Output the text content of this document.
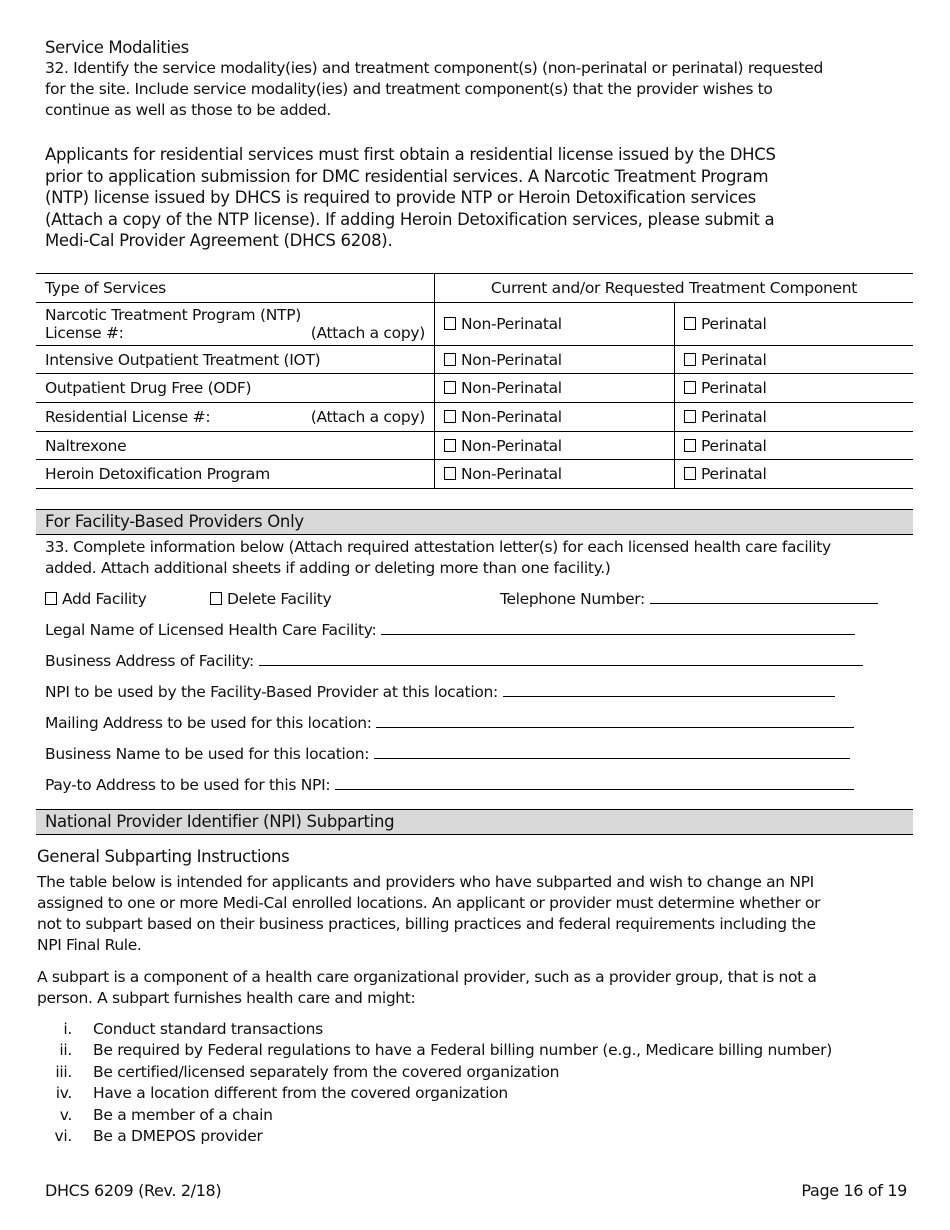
Service Modalities
32. Identify the service modality(ies) and treatment component(s) (non-perinatal or perinatal) requested
for the site. Include service modality(ies) and treatment component(s) that the provider wishes to
continue as well as those to be added.
Applicants for residential services must first obtain a residential license issued by the DHCS
prior to application submission for DMC residential services. A Narcotic Treatment Program
(NTP) license issued by DHCS is required to provide NTP or Heroin Detoxification services
(Attach a copy of the NTP license). If adding Heroin Detoxification services, please submit a
Medi-Cal Provider Agreement (DHCS 6208).
Type of Services	Current and/or Requested Treatment Component	

Narcotic Treatment Program (NTP)
License #: (Attach a copy)	Non-Perinatal	Perinatal
Intensive Outpatient Treatment (IOT)	Non-Perinatal	Perinatal
Outpatient Drug Free (ODF)	Non-Perinatal	Perinatal

Residential License #: (Attach a copy)	Non-Perinatal	Perinatal
Naltrexone	Non-Perinatal	Perinatal
Heroin Detoxification Program	Non-Perinatal	Perinatal
For Facility-Based Providers Only
33. Complete information below (Attach required attestation letter(s) for each licensed health care facility
added. Attach additional sheets if adding or deleting more than one facility.)
Add Facility	Delete Facility	Telephone Number:
Legal Name of Licensed Health Care Facility:
Business Address of Facility:
NPI to be used by the Facility-Based Provider at this location:
Mailing Address to be used for this location:
Business Name to be used for this location:
Pay-to Address to be used for this NPI:
National Provider Identifier (NPI) Subparting
General Subparting Instructions
The table below is intended for applicants and providers who have subparted and wish to change an NPI
assigned to one or more Medi-Cal enrolled locations. An applicant or provider must determine whether or
not to subpart based on their business practices, billing practices and federal requirements including the
NPI Final Rule.
A subpart is a component of a health care organizational provider, such as a provider group, that is not a
person. A subpart furnishes health care and might:
i.	Conduct standard transactions
ii.	Be required by Federal regulations to have a Federal billing number (e.g., Medicare billing number)
iii.	Be certified/licensed separately from the covered organization
iv.	Have a location different from the covered organization
v.	Be a member of a chain
vi.	Be a DMEPOS provider
DHCS 6209 (Rev. 2/18)	Page 16 of 19
